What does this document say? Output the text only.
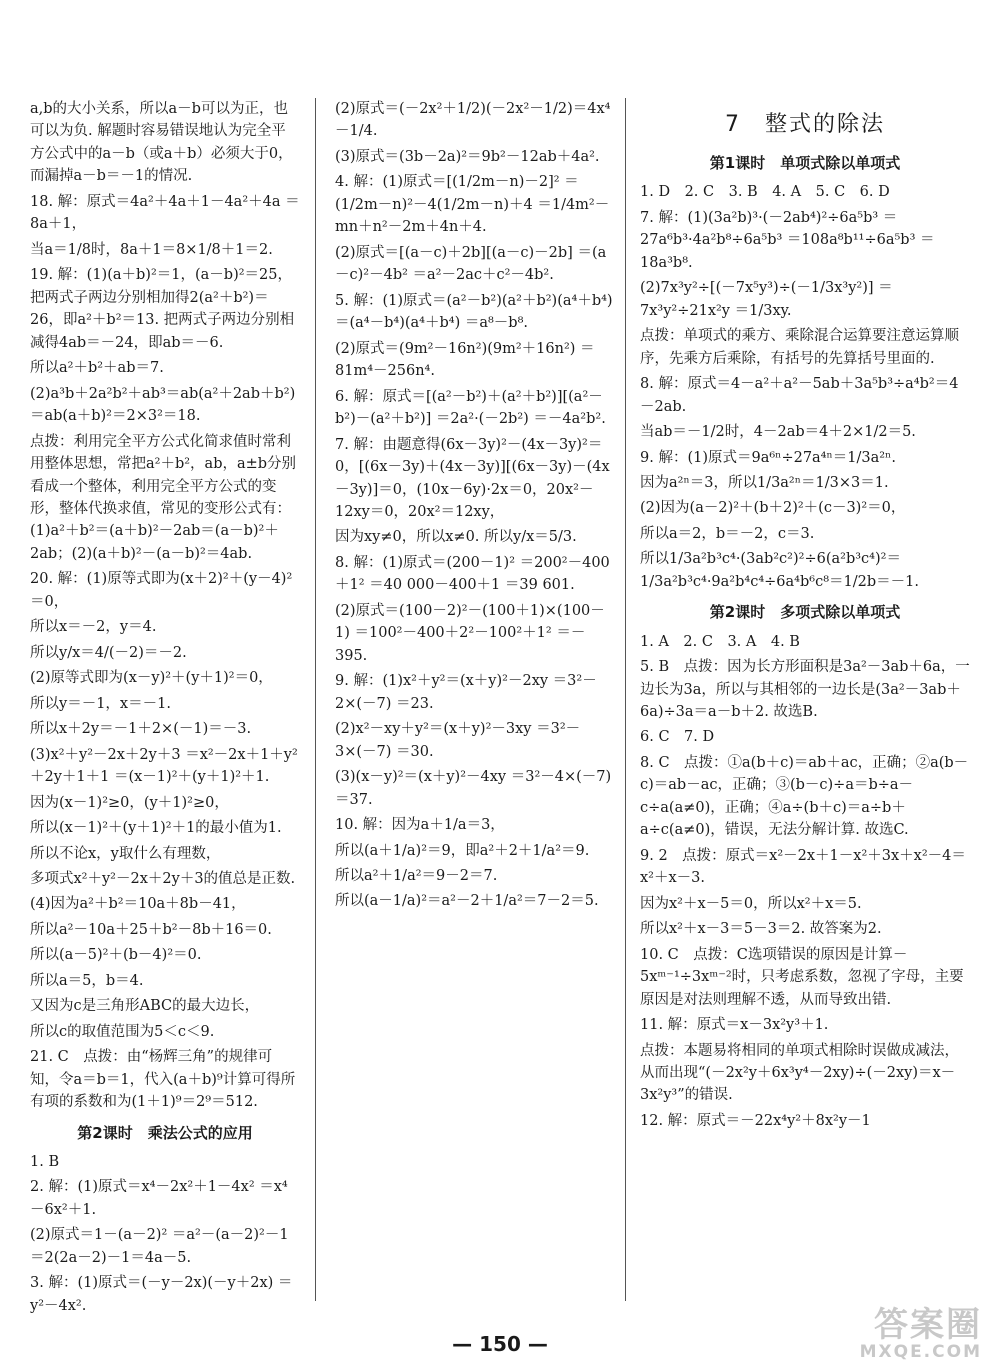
a,b的大小关系，所以a－b可以为正，也可以为负. 解题时容易错误地认为完全平方公式中的a－b（或a＋b）必须大于0，而漏掉a－b＝－1的情况.
18. 解：原式＝4a²＋4a＋1－4a²＋4a ＝8a＋1，
当a＝1/8时，8a＋1＝8×1/8＋1＝2.
19. 解：(1)(a＋b)²＝1，(a－b)²＝25，把两式子两边分别相加得2(a²＋b²)＝26，即a²＋b²＝13. 把两式子两边分别相减得4ab＝－24，即ab＝－6.
所以a²＋b²＋ab＝7.
(2)a³b＋2a²b²＋ab³＝ab(a²＋2ab＋b²)＝ab(a＋b)²＝2×3²＝18.
点拨：利用完全平方公式化简求值时常利用整体思想，常把a²＋b²，ab，a±b分别看成一个整体，利用完全平方公式的变形，整体代换求值，常见的变形公式有：(1)a²＋b²＝(a＋b)²－2ab＝(a－b)²＋2ab；(2)(a＋b)²－(a－b)²＝4ab.
20. 解：(1)原等式即为(x＋2)²＋(y－4)²＝0，
所以x＝－2，y＝4.
所以y/x＝4/(－2)＝－2.
(2)原等式即为(x－y)²＋(y＋1)²＝0，
所以y＝－1，x＝－1.
所以x＋2y＝－1＋2×(－1)＝－3.
(3)x²＋y²－2x＋2y＋3 ＝x²－2x＋1＋y²＋2y＋1＋1 ＝(x－1)²＋(y＋1)²＋1.
因为(x－1)²≥0，(y＋1)²≥0，
所以(x－1)²＋(y＋1)²＋1的最小值为1.
所以不论x，y取什么有理数，
多项式x²＋y²－2x＋2y＋3的值总是正数.
(4)因为a²＋b²＝10a＋8b－41，
所以a²－10a＋25＋b²－8b＋16＝0.
所以(a－5)²＋(b－4)²＝0.
所以a＝5，b＝4.
又因为c是三角形ABC的最大边长，
所以c的取值范围为5＜c＜9.
21. C　点拨：由“杨辉三角”的规律可知，令a＝b＝1，代入(a＋b)⁹计算可得所有项的系数和为(1＋1)⁹＝2⁹＝512.
第2课时　乘法公式的应用
1. B
2. 解：(1)原式＝x⁴－2x²＋1－4x² ＝x⁴－6x²＋1.
(2)原式＝1－(a－2)² ＝a²－(a－2)²－1 ＝2(2a－2)－1＝4a－5.
3. 解：(1)原式＝(－y－2x)(－y＋2x) ＝y²－4x².
(2)原式＝(－2x²＋1/2)(－2x²－1/2)＝4x⁴－1/4.
(3)原式＝(3b－2a)²＝9b²－12ab＋4a².
4. 解：(1)原式＝[(1/2m－n)－2]² ＝(1/2m－n)²－4(1/2m－n)＋4 ＝1/4m²－mn＋n²－2m＋4n＋4.
(2)原式＝[(a－c)＋2b][(a－c)－2b] ＝(a－c)²－4b² ＝a²－2ac＋c²－4b².
5. 解：(1)原式＝(a²－b²)(a²＋b²)(a⁴＋b⁴) ＝(a⁴－b⁴)(a⁴＋b⁴) ＝a⁸－b⁸.
(2)原式＝(9m²－16n²)(9m²＋16n²) ＝81m⁴－256n⁴.
6. 解：原式＝[(a²－b²)＋(a²＋b²)][(a²－b²)－(a²＋b²)] ＝2a²·(－2b²) ＝－4a²b².
7. 解：由题意得(6x－3y)²－(4x－3y)²＝0，[(6x－3y)＋(4x－3y)][(6x－3y)－(4x－3y)]＝0，(10x－6y)·2x＝0，20x²－12xy＝0，20x²＝12xy，
因为xy≠0，所以x≠0. 所以y/x＝5/3.
8. 解：(1)原式＝(200－1)² ＝200²－400＋1² ＝40 000－400＋1 ＝39 601.
(2)原式＝(100－2)²－(100＋1)×(100－1) ＝100²－400＋2²－100²＋1² ＝－395.
9. 解：(1)x²＋y²＝(x＋y)²－2xy ＝3²－2×(－7) ＝23.
(2)x²－xy＋y²＝(x＋y)²－3xy ＝3²－3×(－7) ＝30.
(3)(x－y)²＝(x＋y)²－4xy ＝3²－4×(－7) ＝37.
10. 解：因为a＋1/a＝3，
所以(a＋1/a)²＝9，即a²＋2＋1/a²＝9.
所以a²＋1/a²＝9－2＝7.
所以(a－1/a)²＝a²－2＋1/a²＝7－2＝5.
7　整式的除法
第1课时　单项式除以单项式
1. D　2. C　3. B　4. A　5. C　6. D
7. 解：(1)(3a²b)³·(－2ab⁴)²÷6a⁵b³ ＝27a⁶b³·4a²b⁸÷6a⁵b³ ＝108a⁸b¹¹÷6a⁵b³ ＝18a³b⁸.
(2)7x³y²÷[(－7x⁵y³)÷(－1/3x³y²)] ＝7x³y²÷21x²y ＝1/3xy.
点拨：单项式的乘方、乘除混合运算要注意运算顺序，先乘方后乘除，有括号的先算括号里面的.
8. 解：原式＝4－a²＋a²－5ab＋3a⁵b³÷a⁴b²＝4－2ab.
当ab＝－1/2时，4－2ab＝4＋2×1/2＝5.
9. 解：(1)原式＝9a⁶ⁿ÷27a⁴ⁿ＝1/3a²ⁿ.
因为a²ⁿ＝3，所以1/3a²ⁿ＝1/3×3＝1.
(2)因为(a－2)²＋(b＋2)²＋(c－3)²＝0，
所以a＝2，b＝－2，c＝3.
所以1/3a²b³c⁴·(3ab²c²)²÷6(a²b³c⁴)²＝1/3a²b³c⁴·9a²b⁴c⁴÷6a⁴b⁶c⁸＝1/2b＝－1.
第2课时　多项式除以单项式
1. A　2. C　3. A　4. B
5. B　点拨：因为长方形面积是3a²－3ab＋6a，一边长为3a，所以与其相邻的一边长是(3a²－3ab＋6a)÷3a＝a－b＋2. 故选B.
6. C　7. D
8. C　点拨：①a(b＋c)＝ab＋ac，正确；②a(b－c)＝ab－ac，正确；③(b－c)÷a＝b÷a－c÷a(a≠0)，正确；④a÷(b＋c)＝a÷b＋a÷c(a≠0)，错误，无法分解计算. 故选C.
9. 2　点拨：原式＝x²－2x＋1－x²＋3x＋x²－4＝x²＋x－3.
因为x²＋x－5＝0，所以x²＋x＝5.
所以x²＋x－3＝5－3＝2. 故答案为2.
10. C　点拨：C选项错误的原因是计算－5xᵐ⁻¹÷3xᵐ⁻²时，只考虑系数，忽视了字母，主要原因是对法则理解不透，从而导致出错.
11. 解：原式＝x－3x²y³＋1.
点拨：本题易将相同的单项式相除时误做成减法，从而出现“(－2x²y＋6x³y⁴－2xy)÷(－2xy)＝x－3x²y³”的错误.
12. 解：原式＝－22x⁴y²＋8x²y－1
— 150 —	答案圈
MXQE.COM
